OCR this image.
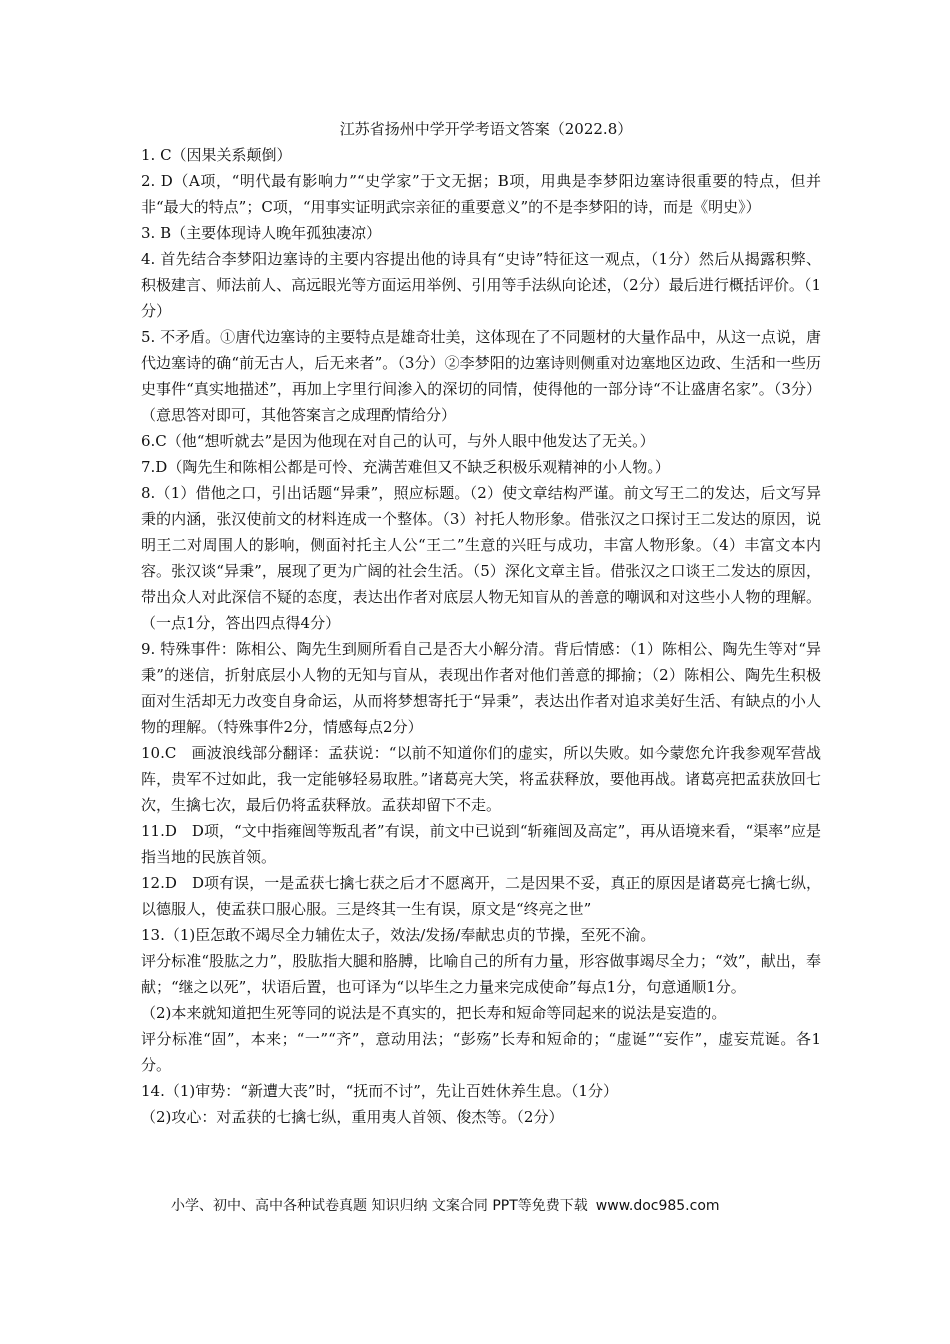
江苏省扬州中学开学考语文答案（2022.8）

1. C（因果关系颠倒）

2. D（A项，“明代最有影响力”“史学家”于文无据；B项，用典是李梦阳边塞诗很重要的特点，但并非“最大的特点”；C项，“用事实证明武宗亲征的重要意义”的不是李梦阳的诗，而是《明史》）

3. B（主要体现诗人晚年孤独凄凉）

4. 首先结合李梦阳边塞诗的主要内容提出他的诗具有“史诗”特征这一观点，（1分）然后从揭露积弊、积极建言、师法前人、高远眼光等方面运用举例、引用等手法纵向论述，（2分）最后进行概括评价。（1分）

5. 不矛盾。①唐代边塞诗的主要特点是雄奇壮美，这体现在了不同题材的大量作品中，从这一点说，唐代边塞诗的确“前无古人，后无来者”。（3分）②李梦阳的边塞诗则侧重对边塞地区边政、生活和一些历史事件“真实地描述”，再加上字里行间渗入的深切的同情，使得他的一部分诗“不让盛唐名家”。（3分）（意思答对即可，其他答案言之成理酌情给分）

6.C（他“想听就去”是因为他现在对自己的认可，与外人眼中他发达了无关。）

7.D（陶先生和陈相公都是可怜、充满苦难但又不缺乏积极乐观精神的小人物。）

8.（1）借他之口，引出话题“异秉”，照应标题。（2）使文章结构严谨。前文写王二的发达，后文写异秉的内涵，张汉使前文的材料连成一个整体。（3）衬托人物形象。借张汉之口探讨王二发达的原因，说明王二对周围人的影响，侧面衬托主人公“王二”生意的兴旺与成功，丰富人物形象。（4）丰富文本内容。张汉谈“异秉”，展现了更为广阔的社会生活。（5）深化文章主旨。借张汉之口谈王二发达的原因，带出众人对此深信不疑的态度，表达出作者对底层人物无知盲从的善意的嘲讽和对这些小人物的理解。（一点1分，答出四点得4分）

9. 特殊事件：陈相公、陶先生到厕所看自己是否大小解分清。背后情感：（1）陈相公、陶先生等对“异秉”的迷信，折射底层小人物的无知与盲从，表现出作者对他们善意的揶揄；（2）陈相公、陶先生积极面对生活却无力改变自身命运，从而将梦想寄托于“异秉”，表达出作者对追求美好生活、有缺点的小人物的理解。（特殊事件2分，情感每点2分）

10.C　画波浪线部分翻译：孟获说：“以前不知道你们的虚实，所以失败。如今蒙您允许我参观军营战阵，贵军不过如此，我一定能够轻易取胜。”诸葛亮大笑，将孟获释放，要他再战。诸葛亮把孟获放回七次，生擒七次，最后仍将孟获释放。孟获却留下不走。

11.D　D项，“文中指雍闿等叛乱者”有误，前文中已说到“斩雍闿及高定”，再从语境来看，“渠率”应是指当地的民族首领。

12.D　D项有误，一是孟获七擒七获之后才不愿离开，二是因果不妥，真正的原因是诸葛亮七擒七纵，以德服人，使孟获口服心服。三是终其一生有误，原文是“终亮之世”

13.（1)臣怎敢不竭尽全力辅佐太子，效法/发扬/奉献忠贞的节操，至死不渝。

评分标准“股肱之力”，股肱指大腿和胳膊，比喻自己的所有力量，形容做事竭尽全力；“效”，献出，奉献；“继之以死”，状语后置，也可译为“以毕生之力量来完成使命”每点1分，句意通顺1分。

（2)本来就知道把生死等同的说法是不真实的，把长寿和短命等同起来的说法是妄造的。

评分标准“固”，本来；“一”“齐”，意动用法；“彭殇”长寿和短命的；“虚诞”“妄作”，虚妄荒诞。各1分。

14.（1)审势：“新遭大丧”时，“抚而不讨”，先让百姓休养生息。（1分）

（2)攻心：对孟获的七擒七纵，重用夷人首领、俊杰等。（2分）

小学、初中、高中各种试卷真题 知识归纳 文案合同 PPT等免费下载 www.doc985.com
